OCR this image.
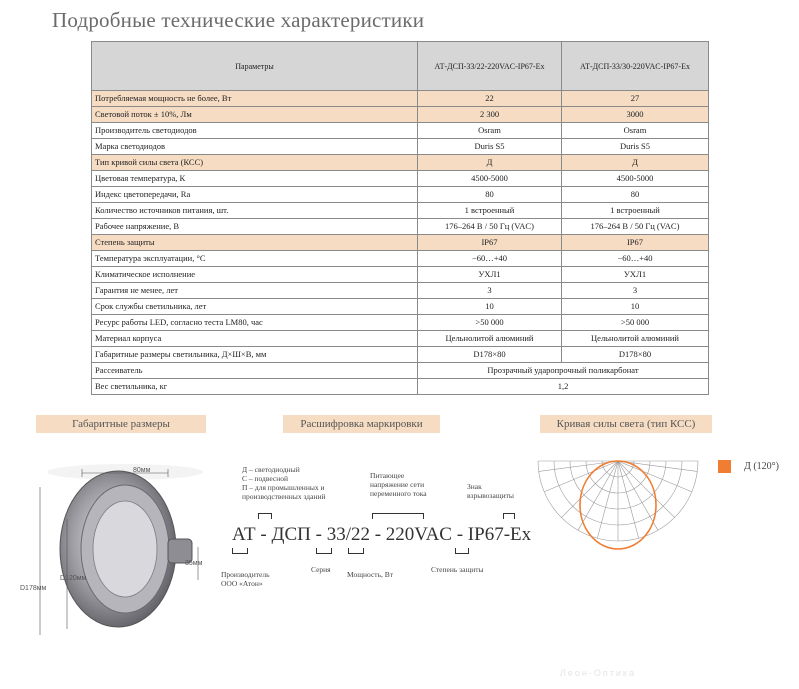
Подробные технические характеристики
Параметры	АТ-ДСП-33/22-220VAC-IP67-Ex	АТ-ДСП-33/30-220VAC-IP67-Ex
Потребляемая мощность не более, Вт	22	27
Световой поток ± 10%, Лм	2 300	3000
Производитель светодиодов	Osram	Osram
Марка светодиодов	Duris S5	Duris S5
Тип кривой силы света (КСС)	Д	Д
Цветовая температура, К	4500-5000	4500-5000
Индекс цветопередачи, Ra	80	80
Количество источников питания, шт.	1 встроенный	1 встроенный
Рабочее напряжение, В	176–264 В / 50 Гц (VAC)	176–264 В / 50 Гц (VAC)
Степень защиты	IP67	IP67
Температура эксплуатации, °C	−60…+40	−60…+40
Климатическое исполнение	УХЛ1	УХЛ1
Гарантия не менее, лет	3	3
Срок службы светильника, лет	10	10
Ресурс работы LED, согласно теста LM80, час	>50 000	>50 000
Материал корпуса	Цельнолитой алюминий	Цельнолитой алюминий
Габаритные размеры светильника, Д×Ш×В, мм	D178×80	D178×80
Рассеиватель	Прозрачный ударопрочный поликарбонат	
Вес светильника, кг	1,2	
Габаритные размеры	Расшифровка маркировки	Кривая силы света (тип КСС)
80мм
35мм
D120мм
D178мм
Д – светодиодный
С – подвесной
П – для промышленных и
производственных зданий
Питающее
напряжение сети
переменного тока
Знак
взрывозащиты
АТ - ДСП - 33/22 - 220VAC - IP67-Ex
Производитель
ООО «Атон»
Серия
Мощность, Вт
Степень защиты
Д (120°)
Леон-Оптика
